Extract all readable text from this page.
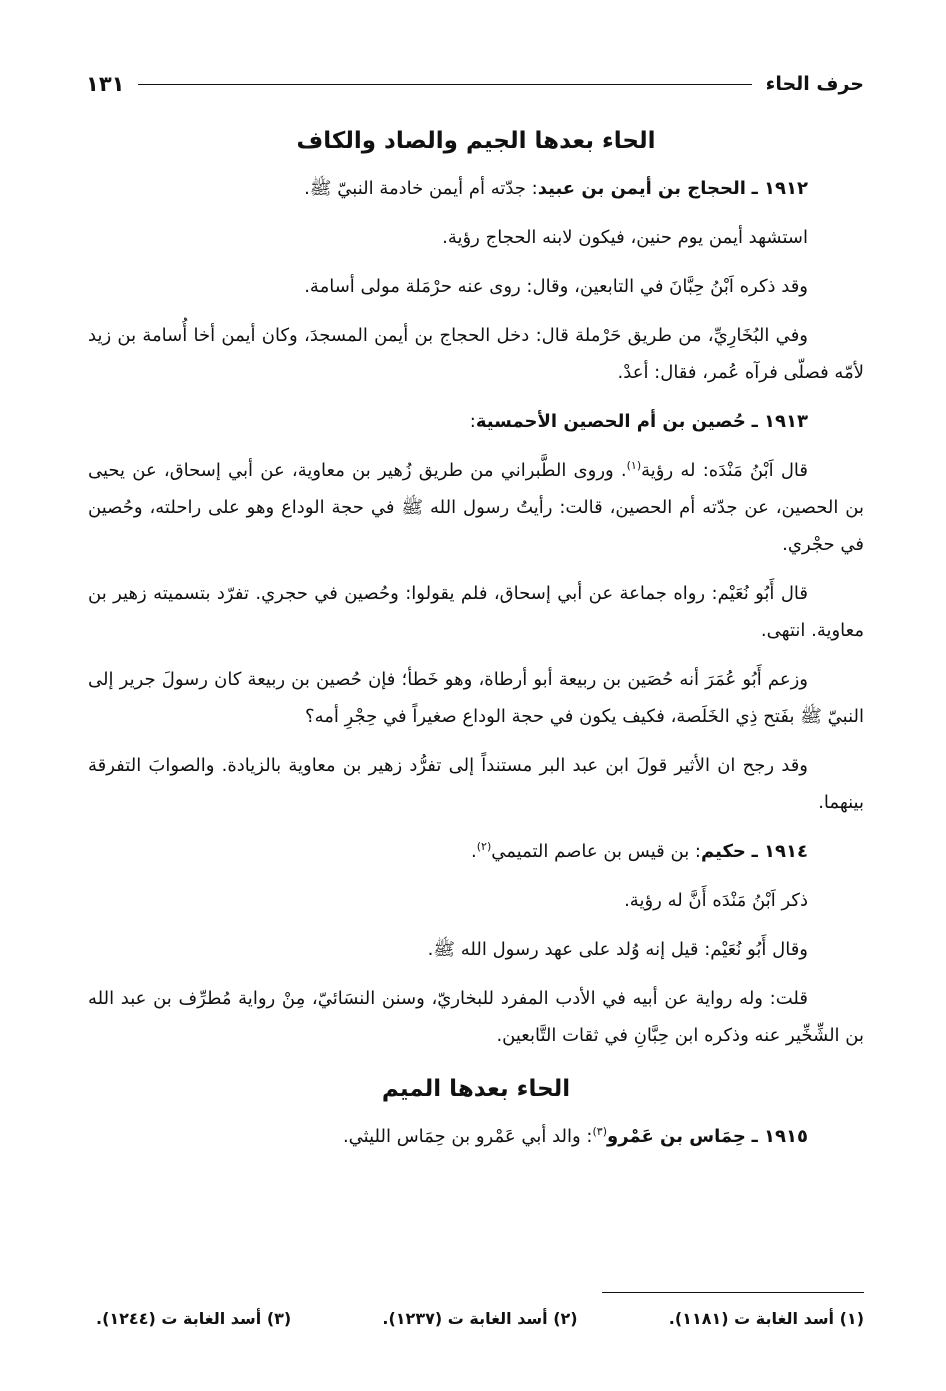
حرف الحاء
١٣١
الحاء بعدها الجيم والصاد والكاف
١٩١٢ ـ الحجاج بن أيمن بن عبيد: جدّته أم أيمن خادمة النبيّ ﷺ.

استشهد أيمن يوم حنين، فيكون لابنه الحجاج رؤية.

وقد ذكره اَبْنُ حِبَّانَ في التابعين، وقال: روى عنه حرْمَلة مولى أسامة.

وفي البُخَارِيِّ، من طريق حَرْملة قال: دخل الحجاج بن أيمن المسجدَ، وكان أيمن أخا أُسامة بن زيد لأمّه فصلّى فرآه عُمر، فقال: أعدْ.

١٩١٣ ـ حُصين بن أم الحصين الأحمسية:

قال اَبْنُ مَنْدَه: له رؤية$^{(١)}$. وروى الطَّبراني من طريق زُهير بن معاوية، عن أبي إسحاق، عن يحيى بن الحصين، عن جدّته أم الحصين، قالت: رأيتُ رسول الله ﷺ في حجة الوداع وهو على راحلته، وحُصين في حجْري.

قال أَبُو نُعَيْم: رواه جماعة عن أبي إسحاق، فلم يقولوا: وحُصين في حجري. تفرّد بتسميته زهير بن معاوية. انتهى.

وزعم أَبُو عُمَرَ أنه حُصَين بن ربيعة أبو أرطاة، وهو خَطأ؛ فإن حُصين بن ربيعة كان رسولَ جرير إلى النبيّ ﷺ بفَتح ذِي الخَلَصة، فكيف يكون في حجة الوداع صغيراً في حِجْرِ أمه؟

وقد رجح ان الأثير قولَ ابن عبد البر مستنداً إلى تفرُّد زهير بن معاوية بالزيادة. والصوابَ التفرقة بينهما.

١٩١٤ ـ حكيم: بن قيس بن عاصم التميمي$^{(٢)}$.

ذكر اَبْنُ مَنْدَه أَنَّ له رؤية.

وقال أَبُو نُعَيْم: قيل إنه وُلد على عهد رسول الله ﷺ.

قلت: وله رواية عن أبيه في الأدب المفرد للبخاريّ، وسنن النسَائيّ، مِنْ رواية مُطرِّف بن عبد الله بن الشِّخِّير عنه وذكره ابن حِبَّانِ في ثقات التَّابعين.

الحاء بعدها الميم
١٩١٥ ـ حِمَاس بن عَمْرو$^{(٣)}$: والد أبي عَمْرو بن حِمَاس الليثي.
(١) أسد الغابة ت (١١٨١).
(٢) أسد الغابة ت (١٢٣٧).
(٣) أسد الغابة ت (١٢٤٤).
